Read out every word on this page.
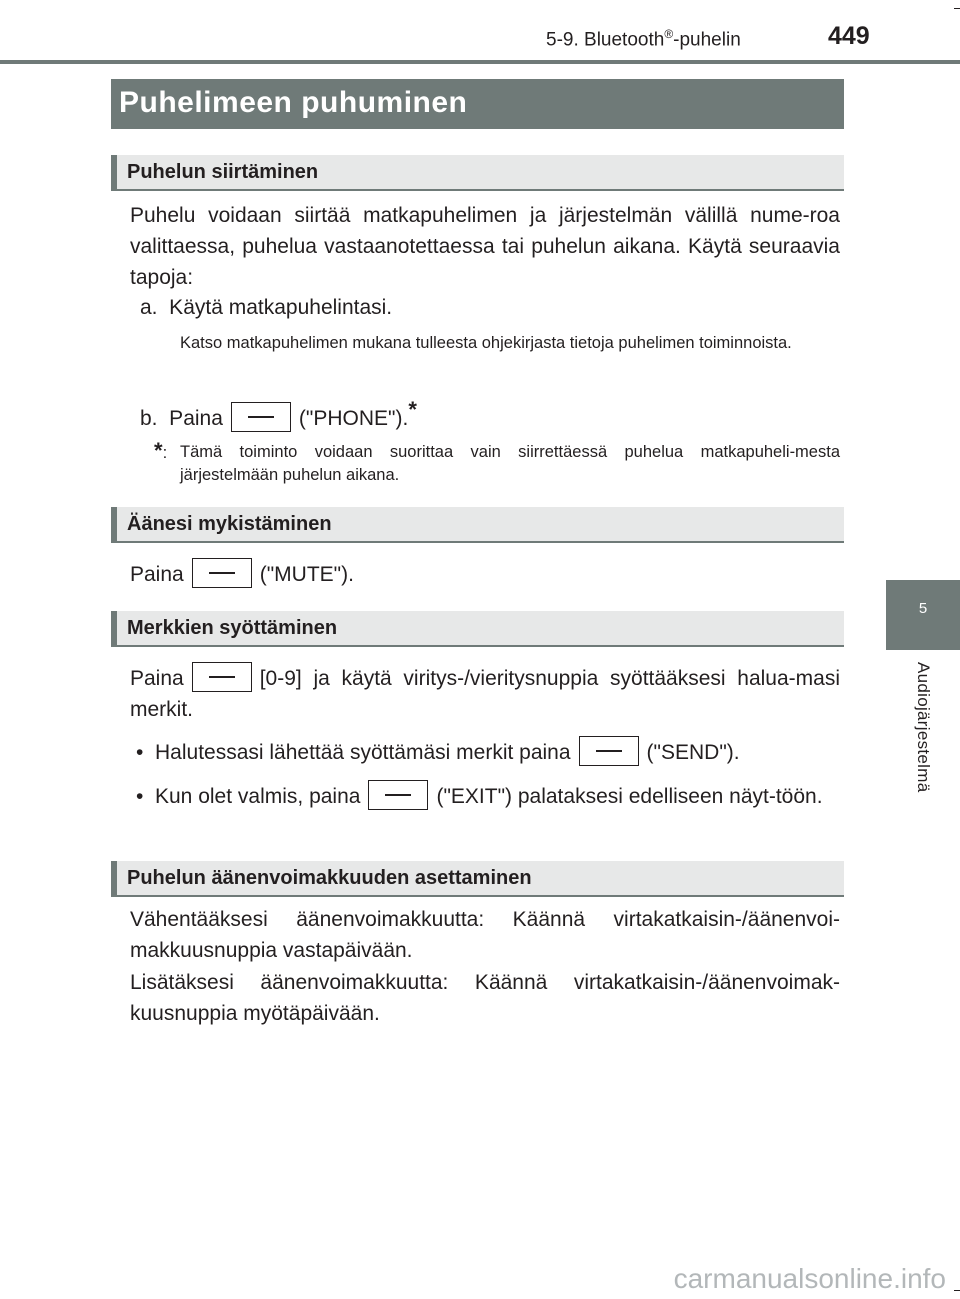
5-9. Bluetooth®-puhelin	449
5
Audiojärjestelmä
Puhelimeen puhuminen
Puhelun siirtäminen
Puhelu voidaan siirtää matkapuhelimen ja järjestelmän välillä nume-roa valittaessa, puhelua vastaanotettaessa tai puhelun aikana. Käytä seuraavia tapoja:
a.  Käytä matkapuhelintasi.
Katso matkapuhelimen mukana tulleesta ohjekirjasta tietoja puhelimen toiminnoista.
b.  Paina	("PHONE").*
*: Tämä toiminto voidaan suorittaa vain siirrettäessä puhelua matkapuheli-mesta järjestelmään puhelun aikana.
Äänesi mykistäminen
Paina	("MUTE").
Merkkien syöttäminen
Paina	[0-9] ja käytä viritys-/vieritysnuppia syöttääksesi halua-masi merkit.
• Halutessasi lähettää syöttämäsi merkit paina	("SEND").
• Kun olet valmis, paina	("EXIT") palataksesi edelliseen näyt-töön.
Puhelun äänenvoimakkuuden asettaminen
Vähentääksesi äänenvoimakkuutta: Käännä virtakatkaisin-/äänenvoi-makkuusnuppia vastapäivään.
Lisätäksesi äänenvoimakkuutta: Käännä virtakatkaisin-/äänenvoimak-kuusnuppia myötäpäivään.
carmanualsonline.info
